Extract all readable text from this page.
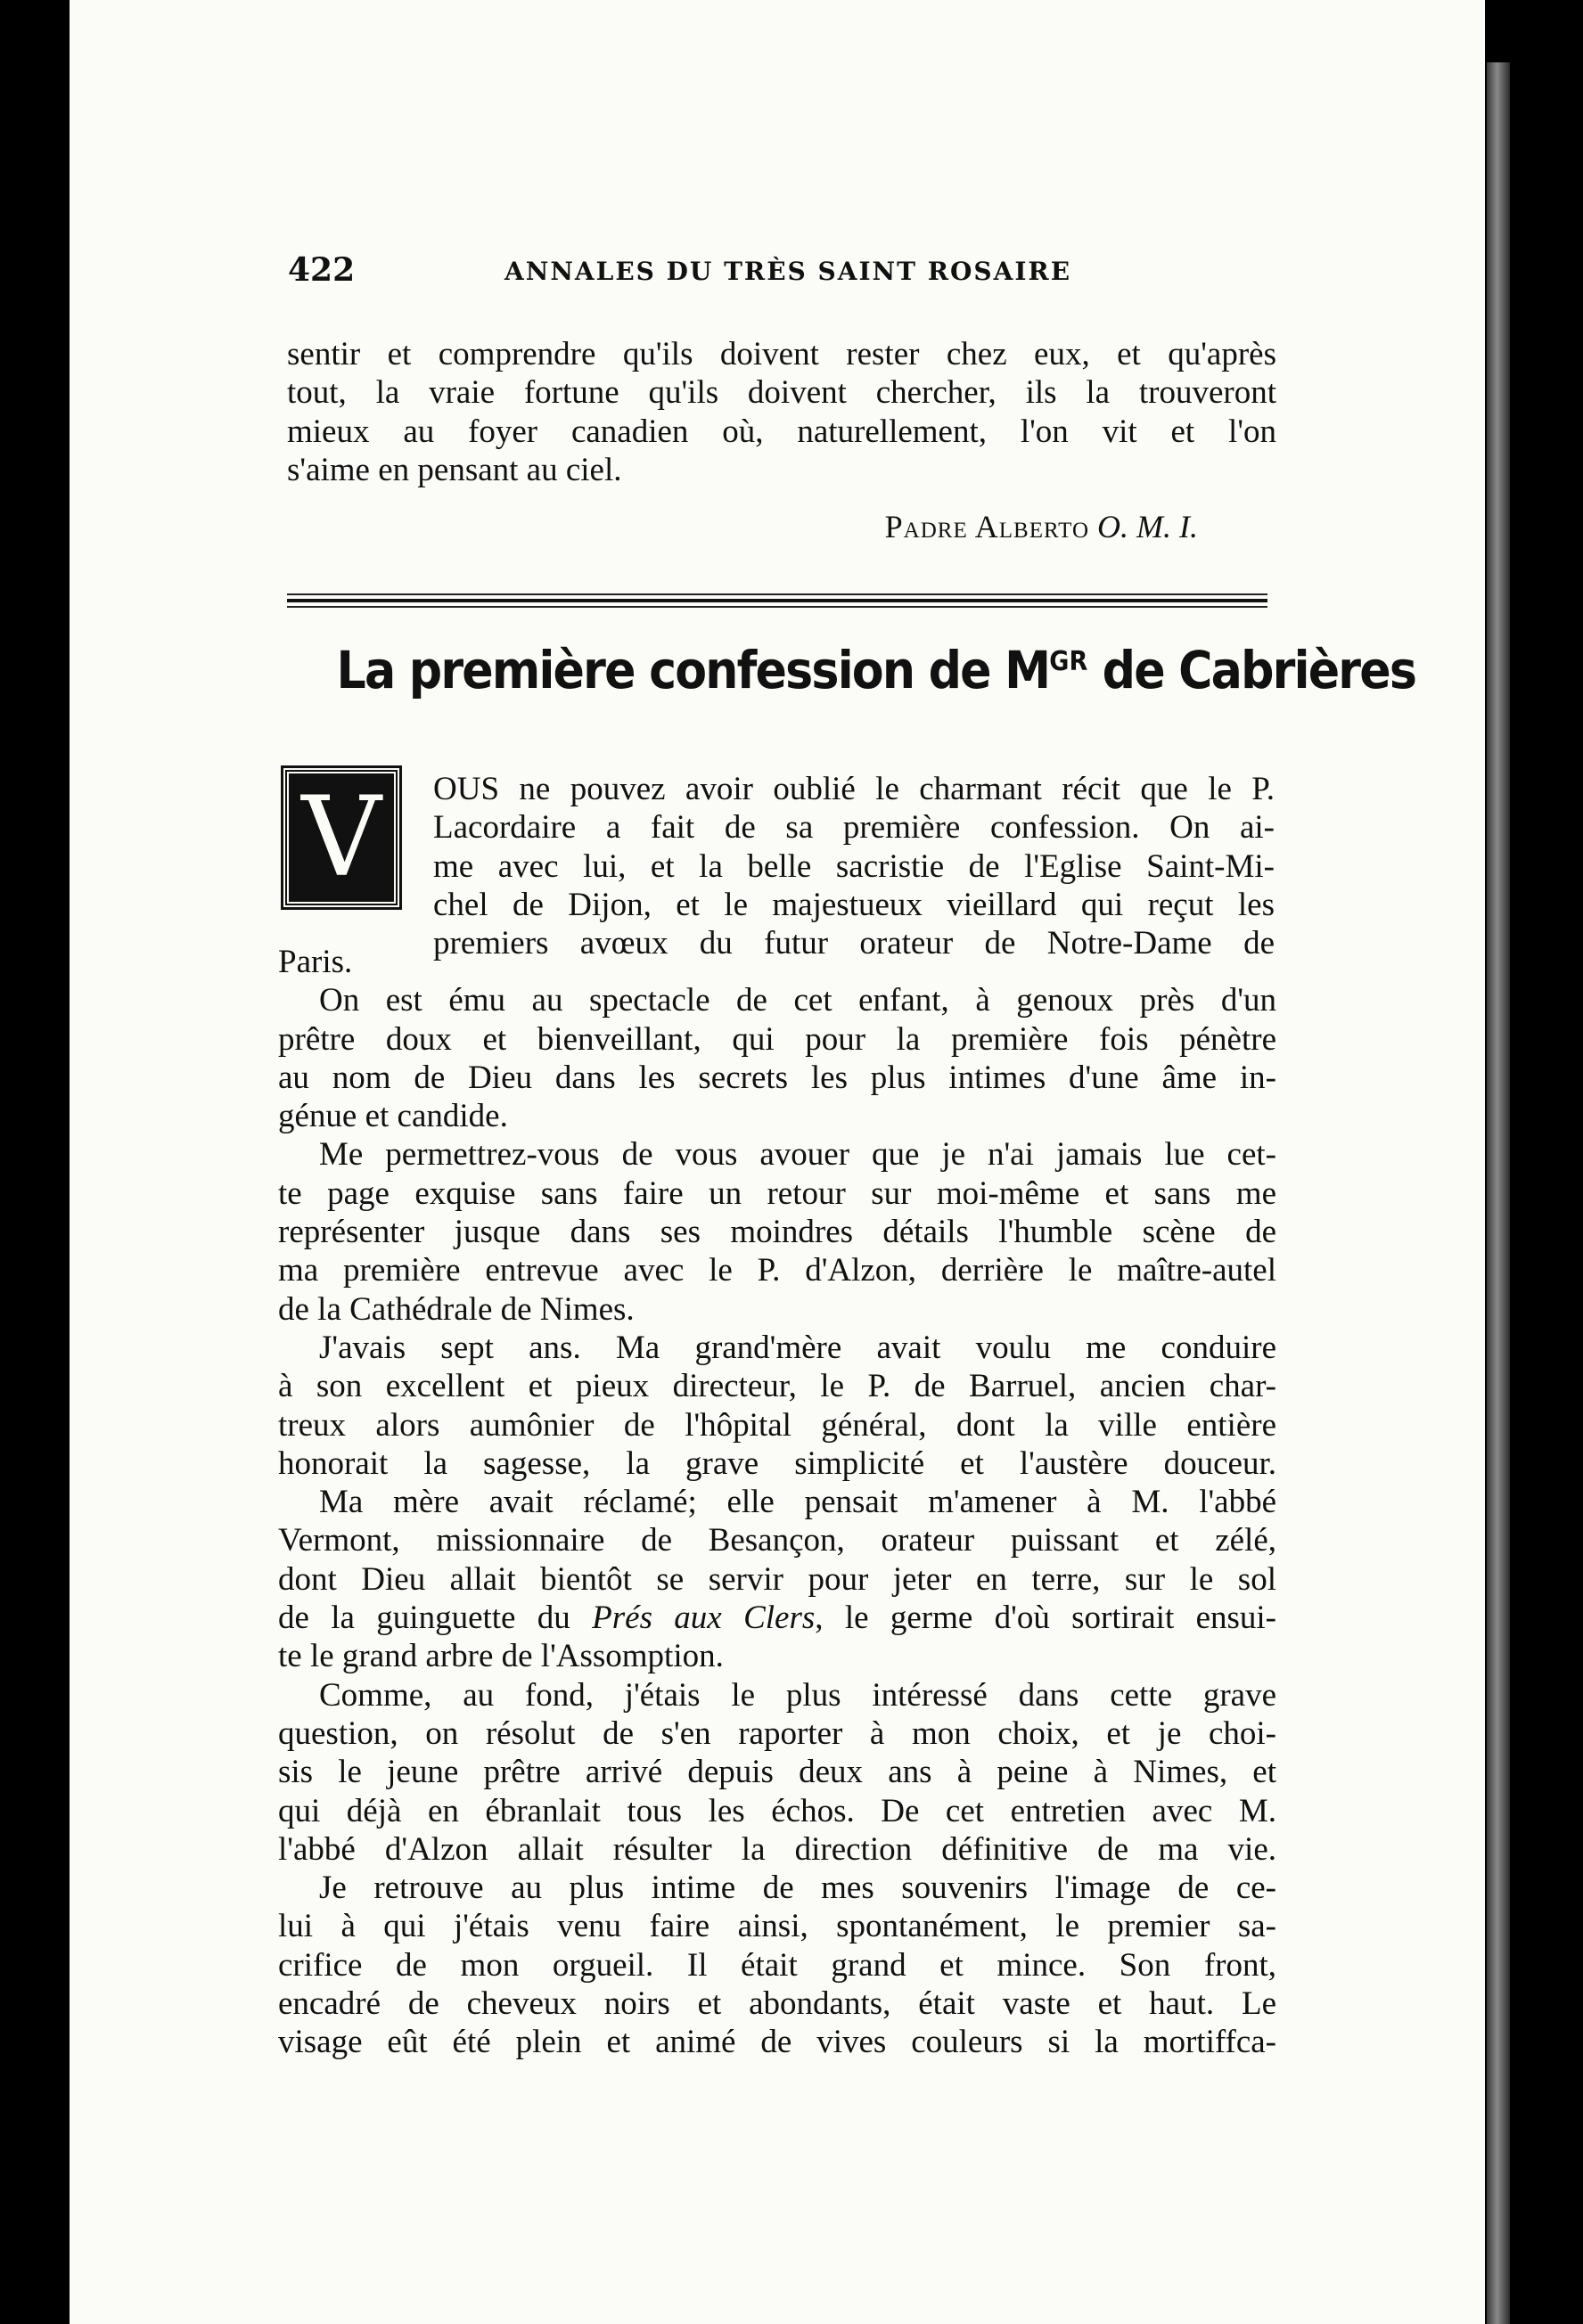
422	ANNALES DU TRÈS SAINT ROSAIRE
sentir et comprendre qu'ils doivent rester chez eux, et qu'après
tout, la vraie fortune qu'ils doivent chercher, ils la trouveront
mieux au foyer canadien où, naturellement, l'on vit et l'on
s'aime en pensant au ciel.
Padre Alberto O. M. I.
La première confession de $M^{GR}$ de Cabrières
V	OUS ne pouvez avoir oublié le charmant récit que le P.
Lacordaire a fait de sa première confession. On ai-
me avec lui, et la belle sacristie de l'Eglise Saint-Mi-
chel de Dijon, et le majestueux vieillard qui reçut les
premiers avœux du futur orateur de Notre-Dame de
Paris.
On est ému au spectacle de cet enfant, à genoux près d'un
prêtre doux et bienveillant, qui pour la première fois pénètre
au nom de Dieu dans les secrets les plus intimes d'une âme in-
génue et candide.
Me permettrez-vous de vous avouer que je n'ai jamais lue cet-
te page exquise sans faire un retour sur moi-même et sans me
représenter jusque dans ses moindres détails l'humble scène de
ma première entrevue avec le P. d'Alzon, derrière le maître-autel
de la Cathédrale de Nimes.
J'avais sept ans. Ma grand'mère avait voulu me conduire
à son excellent et pieux directeur, le P. de Barruel, ancien char-
treux alors aumônier de l'hôpital général, dont la ville entière
honorait la sagesse, la grave simplicité et l'austère douceur.
Ma mère avait réclamé; elle pensait m'amener à M. l'abbé
Vermont, missionnaire de Besançon, orateur puissant et zélé,
dont Dieu allait bientôt se servir pour jeter en terre, sur le sol
de la guinguette du Prés aux Clers, le germe d'où sortirait ensui-
te le grand arbre de l'Assomption.
Comme, au fond, j'étais le plus intéressé dans cette grave
question, on résolut de s'en raporter à mon choix, et je choi-
sis le jeune prêtre arrivé depuis deux ans à peine à Nimes, et
qui déjà en ébranlait tous les échos. De cet entretien avec M.
l'abbé d'Alzon allait résulter la direction définitive de ma vie.
Je retrouve au plus intime de mes souvenirs l'image de ce-
lui à qui j'étais venu faire ainsi, spontanément, le premier sa-
crifice de mon orgueil. Il était grand et mince. Son front,
encadré de cheveux noirs et abondants, était vaste et haut. Le
visage eût été plein et animé de vives couleurs si la mortiffca-
